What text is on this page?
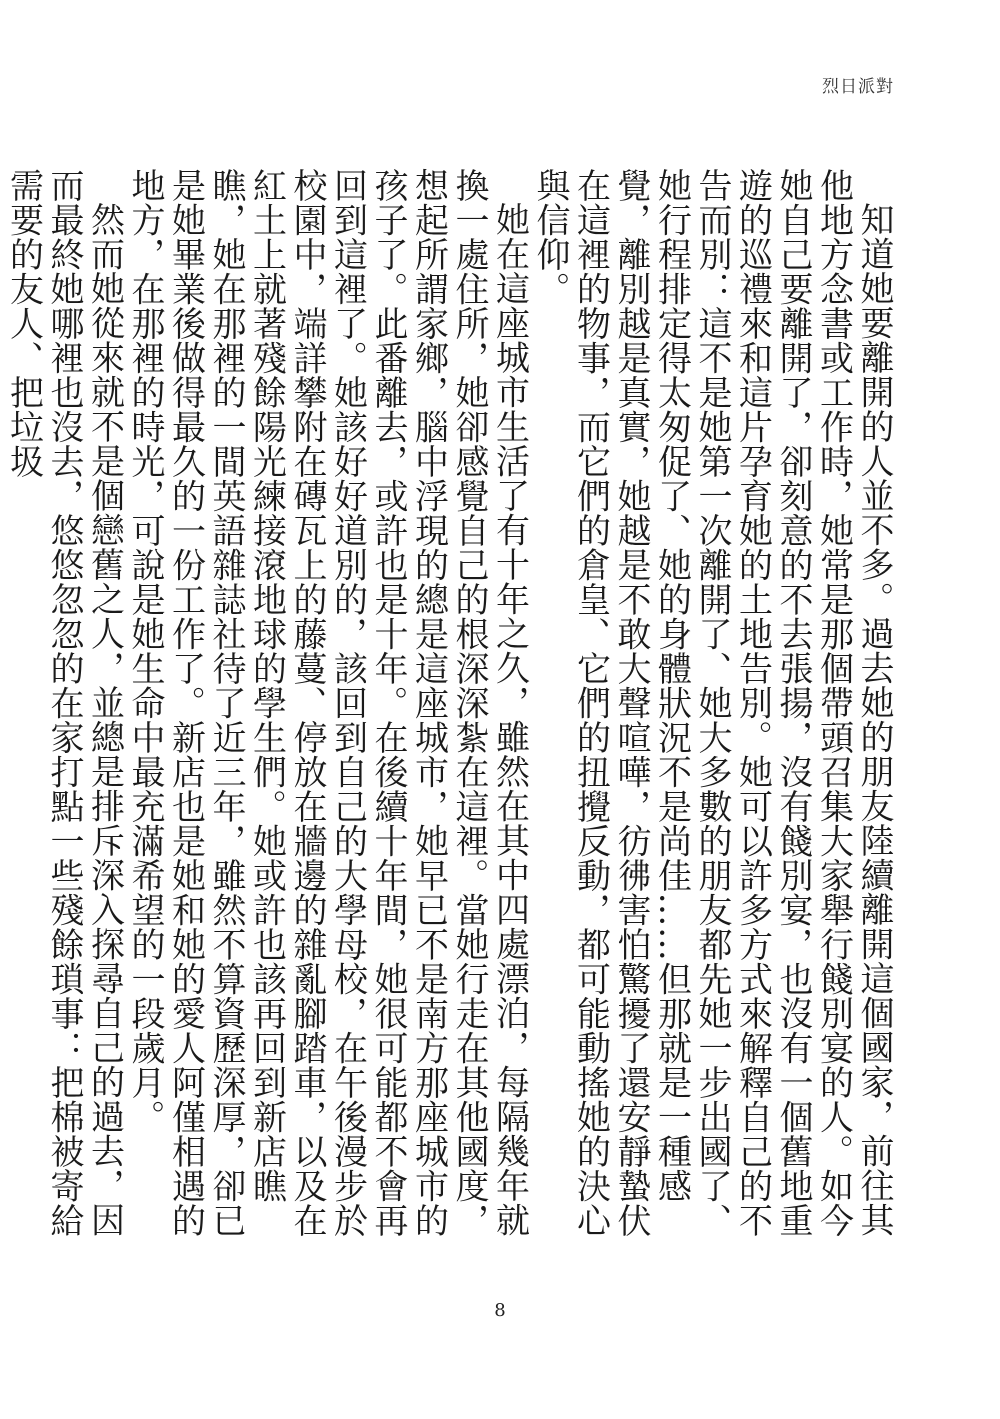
烈日派對

知道她要離開的人並不多。過去她的朋友陸續離開這個國家，前往其他地方念書或工作時，她常是那個帶頭召集大家舉行餞別宴的人。如今她自己要離開了，卻刻意的不去張揚，沒有餞別宴，也沒有一個舊地重遊的巡禮來和這片孕育她的土地告別。她可以許多方式來解釋自己的不告而別：這不是她第一次離開了、她大多數的朋友都先她一步出國了、她行程排定得太匆促了、她的身體狀況不是尚佳……但那就是一種感覺，離別越是真實，她越是不敢大聲喧嘩，彷彿害怕驚擾了還安靜蟄伏在這裡的物事，而它們的倉皇、它們的扭攪反動，都可能動搖她的決心與信仰。

她在這座城市生活了有十年之久，雖然在其中四處漂泊，每隔幾年就換一處住所，她卻感覺自己的根深深紮在這裡。當她行走在其他國度，想起所謂家鄉，腦中浮現的總是這座城市，她早已不是南方那座城市的孩子了。此番離去，或許也是十年。在後續十年間，她很可能都不會再回到這裡了。她該好好道別的，該回到自己的大學母校，在午後漫步於校園中，端詳攀附在磚瓦上的藤蔓、停放在牆邊的雜亂腳踏車，以及在紅土上就著殘餘陽光練接滾地球的學生們。她或許也該再回到新店瞧瞧，她在那裡的一間英語雜誌社待了近三年，雖然不算資歷深厚，卻已是她畢業後做得最久的一份工作了。新店也是她和她的愛人阿僅相遇的地方，在那裡的時光，可說是她生命中最充滿希望的一段歲月。

然而她從來就不是個戀舊之人，並總是排斥深入探尋自己的過去，因而最終她哪裡也沒去，悠悠忽忽的在家打點一些殘餘瑣事：把棉被寄給需要的友人、把垃圾

8
